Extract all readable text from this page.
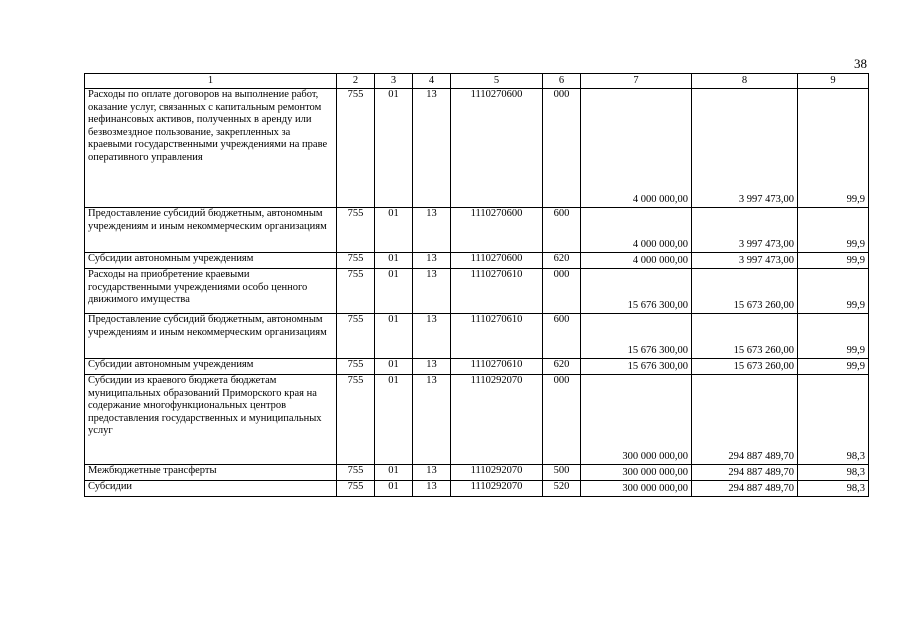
38
1	2	3	4	5	6	7	8	9
Расходы по оплате договоров на выполнение работ, оказание услуг, связанных с капитальным ремонтом нефинансовых активов, полученных в аренду или безвозмездное пользование, закрепленных за краевыми государственными учреждениями на праве оперативного управления	755	01	13	1110270600	000	4 000 000,00	3 997 473,00	99,9
Предоставление субсидий бюджетным, автономным учреждениям и иным некоммерческим организациям	755	01	13	1110270600	600	4 000 000,00	3 997 473,00	99,9
Субсидии автономным учреждениям	755	01	13	1110270600	620	4 000 000,00	3 997 473,00	99,9
Расходы на приобретение краевыми государственными учреждениями особо ценного движимого имущества	755	01	13	1110270610	000	15 676 300,00	15 673 260,00	99,9
Предоставление субсидий бюджетным, автономным учреждениям и иным некоммерческим организациям	755	01	13	1110270610	600	15 676 300,00	15 673 260,00	99,9
Субсидии автономным учреждениям	755	01	13	1110270610	620	15 676 300,00	15 673 260,00	99,9
Субсидии из краевого бюджета бюджетам муниципальных образований Приморского края на содержание многофункциональных центров предоставления государственных и муниципальных услуг	755	01	13	1110292070	000	300 000 000,00	294 887 489,70	98,3
Межбюджетные трансферты	755	01	13	1110292070	500	300 000 000,00	294 887 489,70	98,3
Субсидии	755	01	13	1110292070	520	300 000 000,00	294 887 489,70	98,3
